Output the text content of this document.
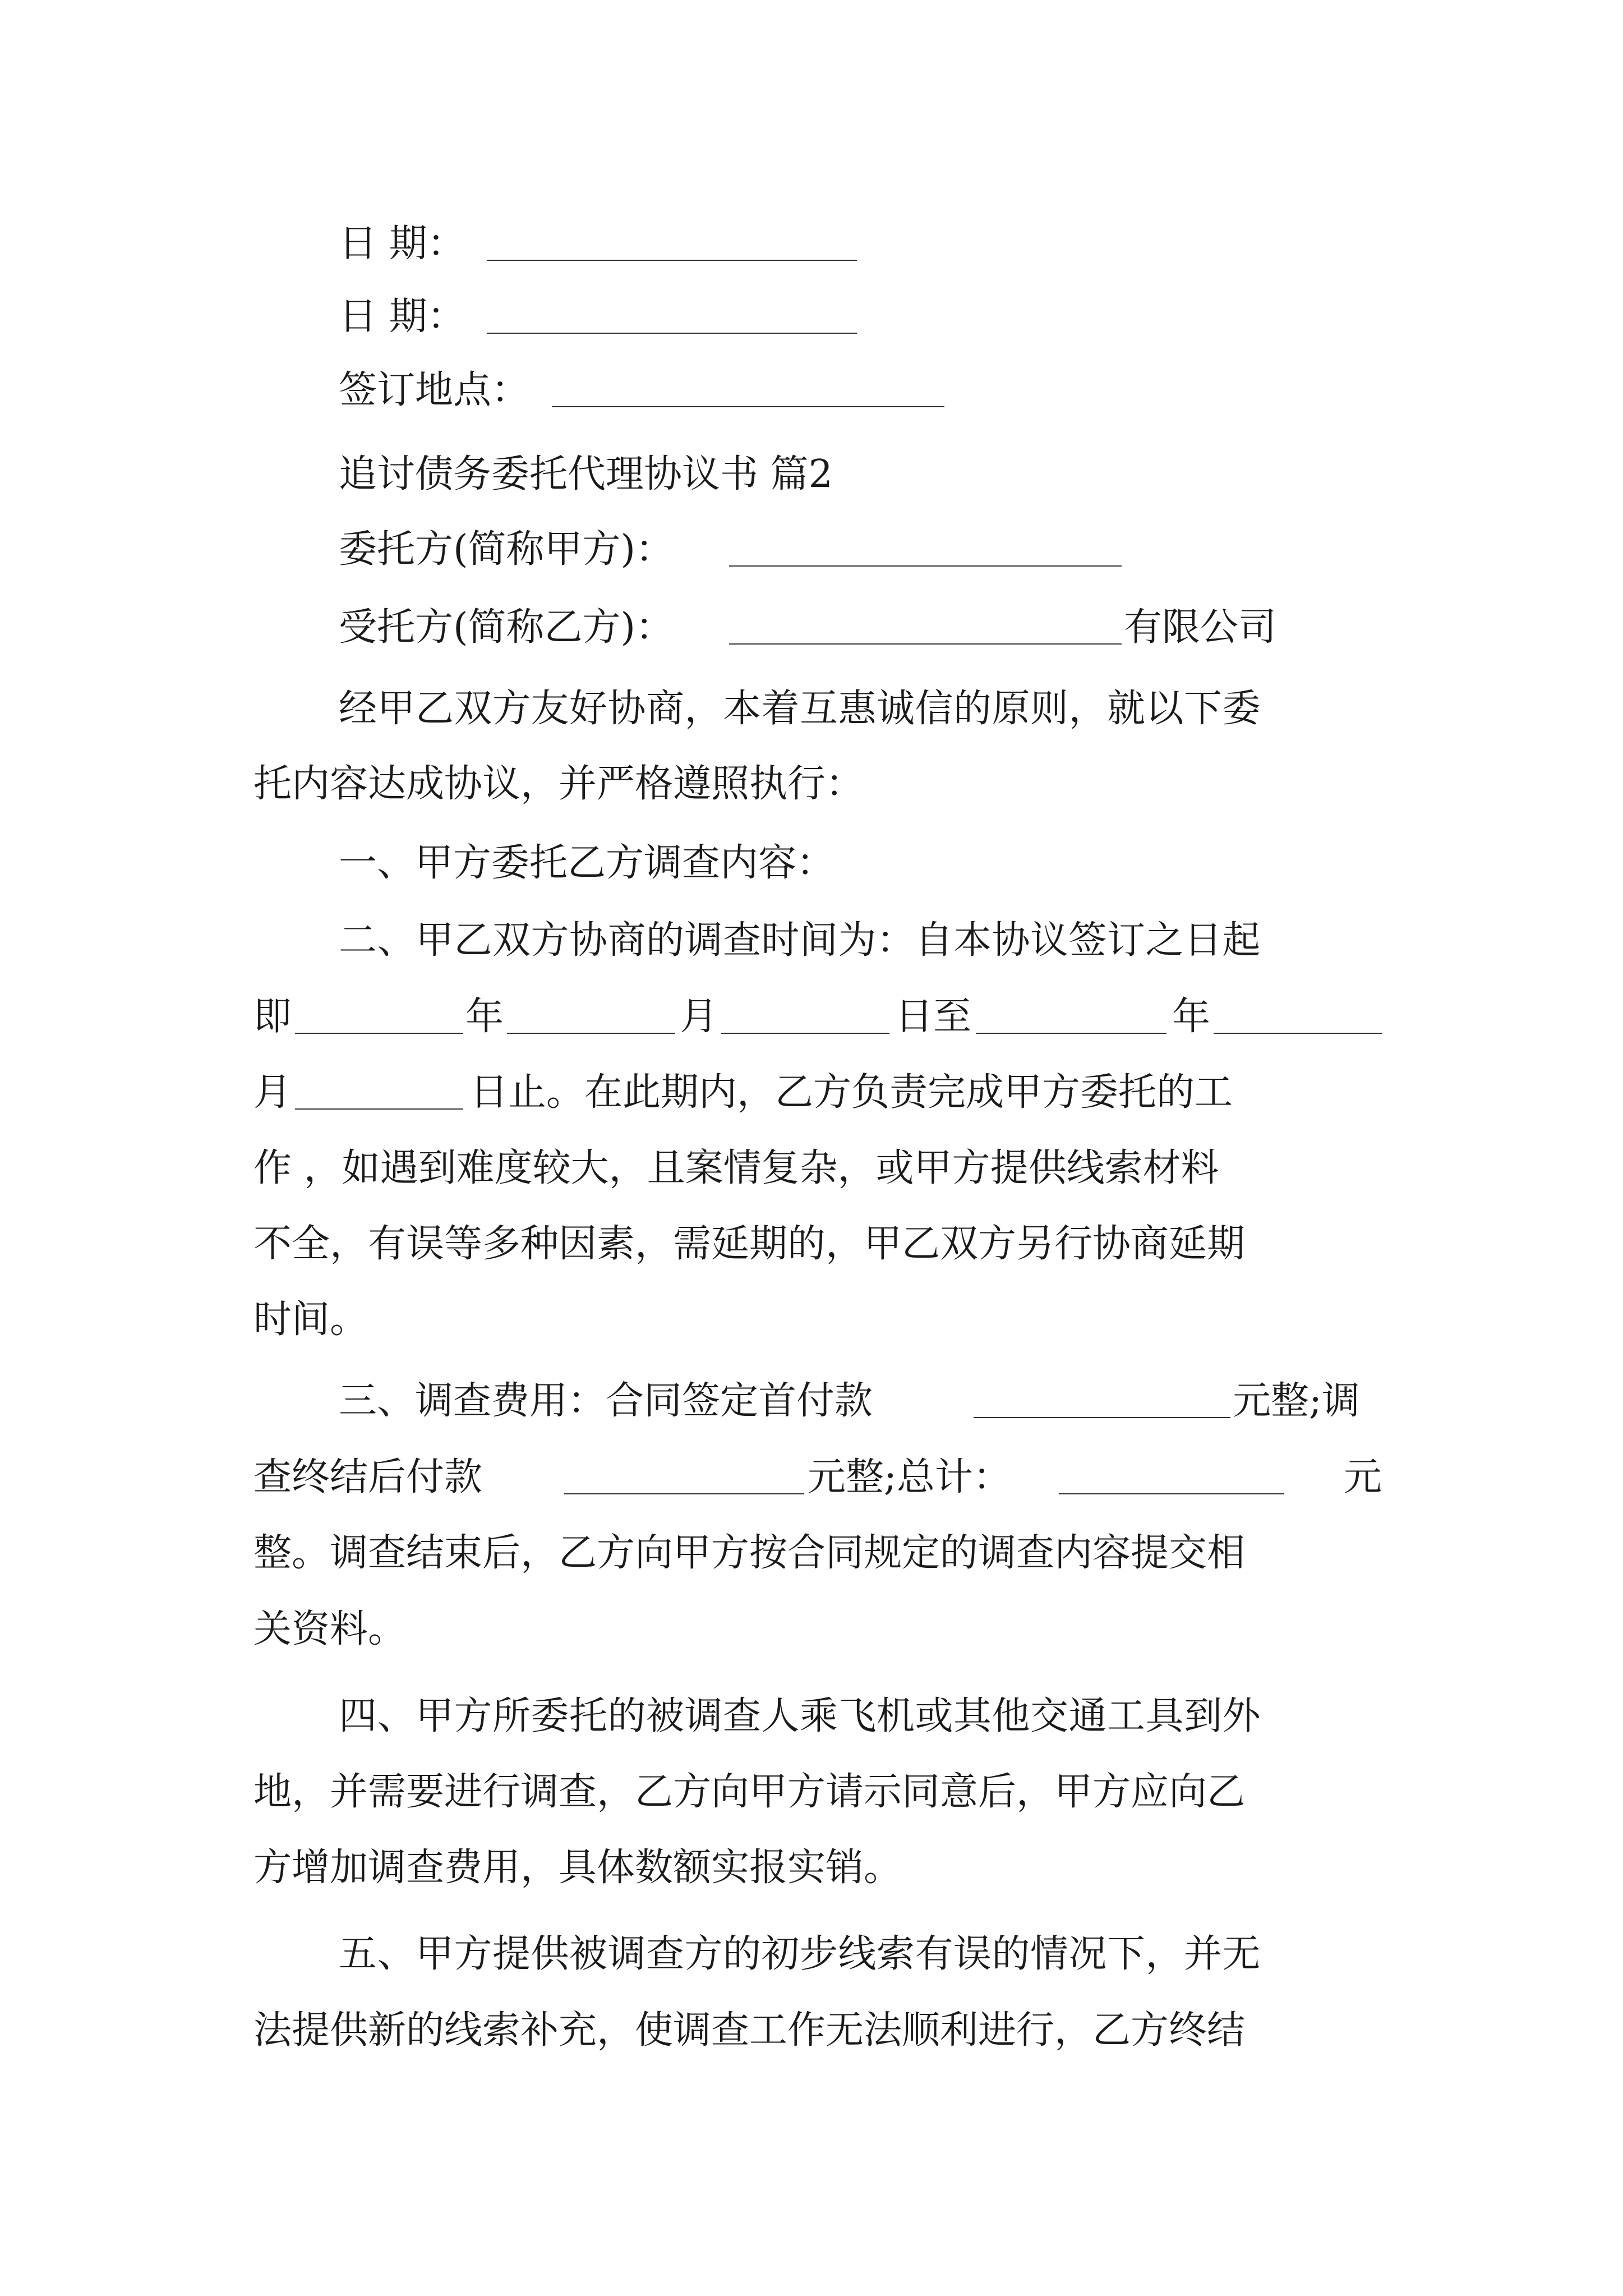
日 期：
日 期：
签订地点：
追讨债务委托代理协议书 篇2
委托方(简称甲方)：
受托方(简称乙方)：	有限公司
经甲乙双方友好协商，本着互惠诚信的原则，就以下委
托内容达成协议，并严格遵照执行：
一、甲方委托乙方调查内容：
二、甲乙双方协商的调查时间为：自本协议签订之日起
即	年	月	日至	年
月	日止。在此期内，乙方负责完成甲方委托的工
作 ，如遇到难度较大，且案情复杂，或甲方提供线索材料
不全，有误等多种因素，需延期的，甲乙双方另行协商延期
时间。
三、调查费用：合同签定首付款	元整;调
查终结后付款	元整;总计：	元
整。调查结束后，乙方向甲方按合同规定的调查内容提交相
关资料。
四、甲方所委托的被调查人乘飞机或其他交通工具到外
地，并需要进行调查，乙方向甲方请示同意后，甲方应向乙
方增加调查费用，具体数额实报实销。
五、甲方提供被调查方的初步线索有误的情况下，并无
法提供新的线索补充，使调查工作无法顺利进行，乙方终结
